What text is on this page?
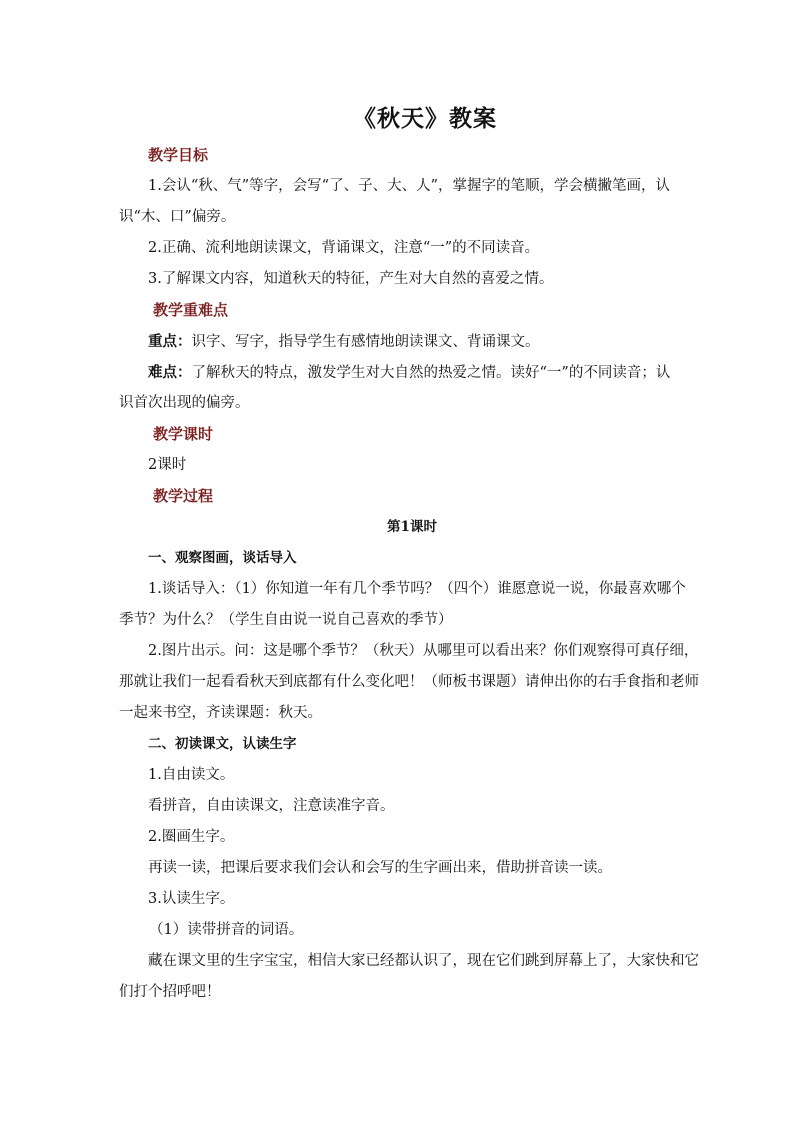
《秋天》教案
教学目标
1.会认“秋、气”等字，会写“了、子、大、人”，掌握字的笔顺，学会横撇笔画，认
识“木、口”偏旁。
2.正确、流利地朗读课文，背诵课文，注意“一”的不同读音。
3.了解课文内容，知道秋天的特征，产生对大自然的喜爱之情。
教学重难点
重点：识字、写字，指导学生有感情地朗读课文、背诵课文。
难点：了解秋天的特点，激发学生对大自然的热爱之情。读好“一”的不同读音；认
识首次出现的偏旁。
教学课时
2课时
教学过程
第1课时
一、观察图画，谈话导入
1.谈话导入：（1）你知道一年有几个季节吗？（四个）谁愿意说一说，你最喜欢哪个
季节？为什么？（学生自由说一说自己喜欢的季节）
2.图片出示。问：这是哪个季节？（秋天）从哪里可以看出来？你们观察得可真仔细，
那就让我们一起看看秋天到底都有什么变化吧！（师板书课题）请伸出你的右手食指和老师
一起来书空，齐读课题：秋天。
二、初读课文，认读生字
1.自由读文。
看拼音，自由读课文，注意读准字音。
2.圈画生字。
再读一读，把课后要求我们会认和会写的生字画出来，借助拼音读一读。
3.认读生字。
（1）读带拼音的词语。
藏在课文里的生字宝宝，相信大家已经都认识了，现在它们跳到屏幕上了，大家快和它
们打个招呼吧！
